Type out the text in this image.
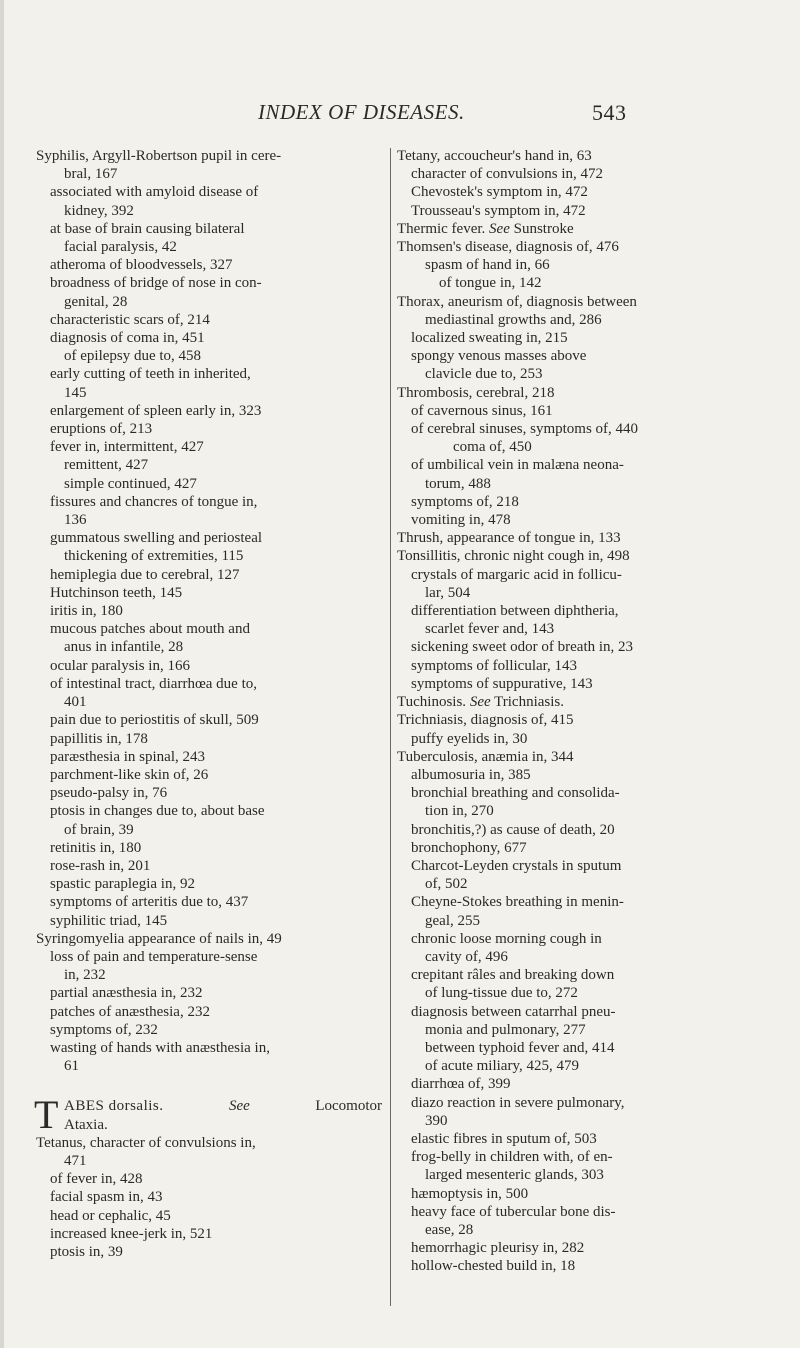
INDEX OF DISEASES.	543
Syphilis, Argyll-Robertson pupil in cere-
bral, 167
associated with amyloid disease of
kidney, 392
at base of brain causing bilateral
facial paralysis, 42
atheroma of bloodvessels, 327
broadness of bridge of nose in con-
genital, 28
characteristic scars of, 214
diagnosis of coma in, 451
of epilepsy due to, 458
early cutting of teeth in inherited,
145
enlargement of spleen early in, 323
eruptions of, 213
fever in, intermittent, 427
remittent, 427
simple continued, 427
fissures and chancres of tongue in,
136
gummatous swelling and periosteal
thickening of extremities, 115
hemiplegia due to cerebral, 127
Hutchinson teeth, 145
iritis in, 180
mucous patches about mouth and
anus in infantile, 28
ocular paralysis in, 166
of intestinal tract, diarrhœa due to,
401
pain due to periostitis of skull, 509
papillitis in, 178
paræsthesia in spinal, 243
parchment-like skin of, 26
pseudo-palsy in, 76
ptosis in changes due to, about base
of brain, 39
retinitis in, 180
rose-rash in, 201
spastic paraplegia in, 92
symptoms of arteritis due to, 437
syphilitic triad, 145
Syringomyelia appearance of nails in, 49
loss of pain and temperature-sense
in, 232
partial anæsthesia in, 232
patches of anæsthesia, 232
symptoms of, 232
wasting of hands with anæsthesia in,
61
T ABES dorsalis.	See	Locomotor
Ataxia.
Tetanus, character of convulsions in,
471
of fever in, 428
facial spasm in, 43
head or cephalic, 45
increased knee-jerk in, 521
ptosis in, 39
Tetany, accoucheur's hand in, 63
character of convulsions in, 472
Chevostek's symptom in, 472
Trousseau's symptom in, 472
Thermic fever. See Sunstroke
Thomsen's disease, diagnosis of, 476
spasm of hand in, 66
of tongue in, 142
Thorax, aneurism of, diagnosis between
mediastinal growths and, 286
localized sweating in, 215
spongy venous masses above
clavicle due to, 253
Thrombosis, cerebral, 218
of cavernous sinus, 161
of cerebral sinuses, symptoms of, 440
coma of, 450
of umbilical vein in malæna neona-
torum, 488
symptoms of, 218
vomiting in, 478
Thrush, appearance of tongue in, 133
Tonsillitis, chronic night cough in, 498
crystals of margaric acid in follicu-
lar, 504
differentiation between diphtheria,
scarlet fever and, 143
sickening sweet odor of breath in, 23
symptoms of follicular, 143
symptoms of suppurative, 143
Tuchinosis. See Trichniasis.
Trichniasis, diagnosis of, 415
puffy eyelids in, 30
Tuberculosis, anæmia in, 344
albumosuria in, 385
bronchial breathing and consolida-
tion in, 270
bronchitis,?) as cause of death, 20
bronchophony, 677
Charcot-Leyden crystals in sputum
of, 502
Cheyne-Stokes breathing in menin-
geal, 255
chronic loose morning cough in
cavity of, 496
crepitant râles and breaking down
of lung-tissue due to, 272
diagnosis between catarrhal pneu-
monia and pulmonary, 277
between typhoid fever and, 414
of acute miliary, 425, 479
diarrhœa of, 399
diazo reaction in severe pulmonary,
390
elastic fibres in sputum of, 503
frog-belly in children with, of en-
larged mesenteric glands, 303
hæmoptysis in, 500
heavy face of tubercular bone dis-
ease, 28
hemorrhagic pleurisy in, 282
hollow-chested build in, 18
